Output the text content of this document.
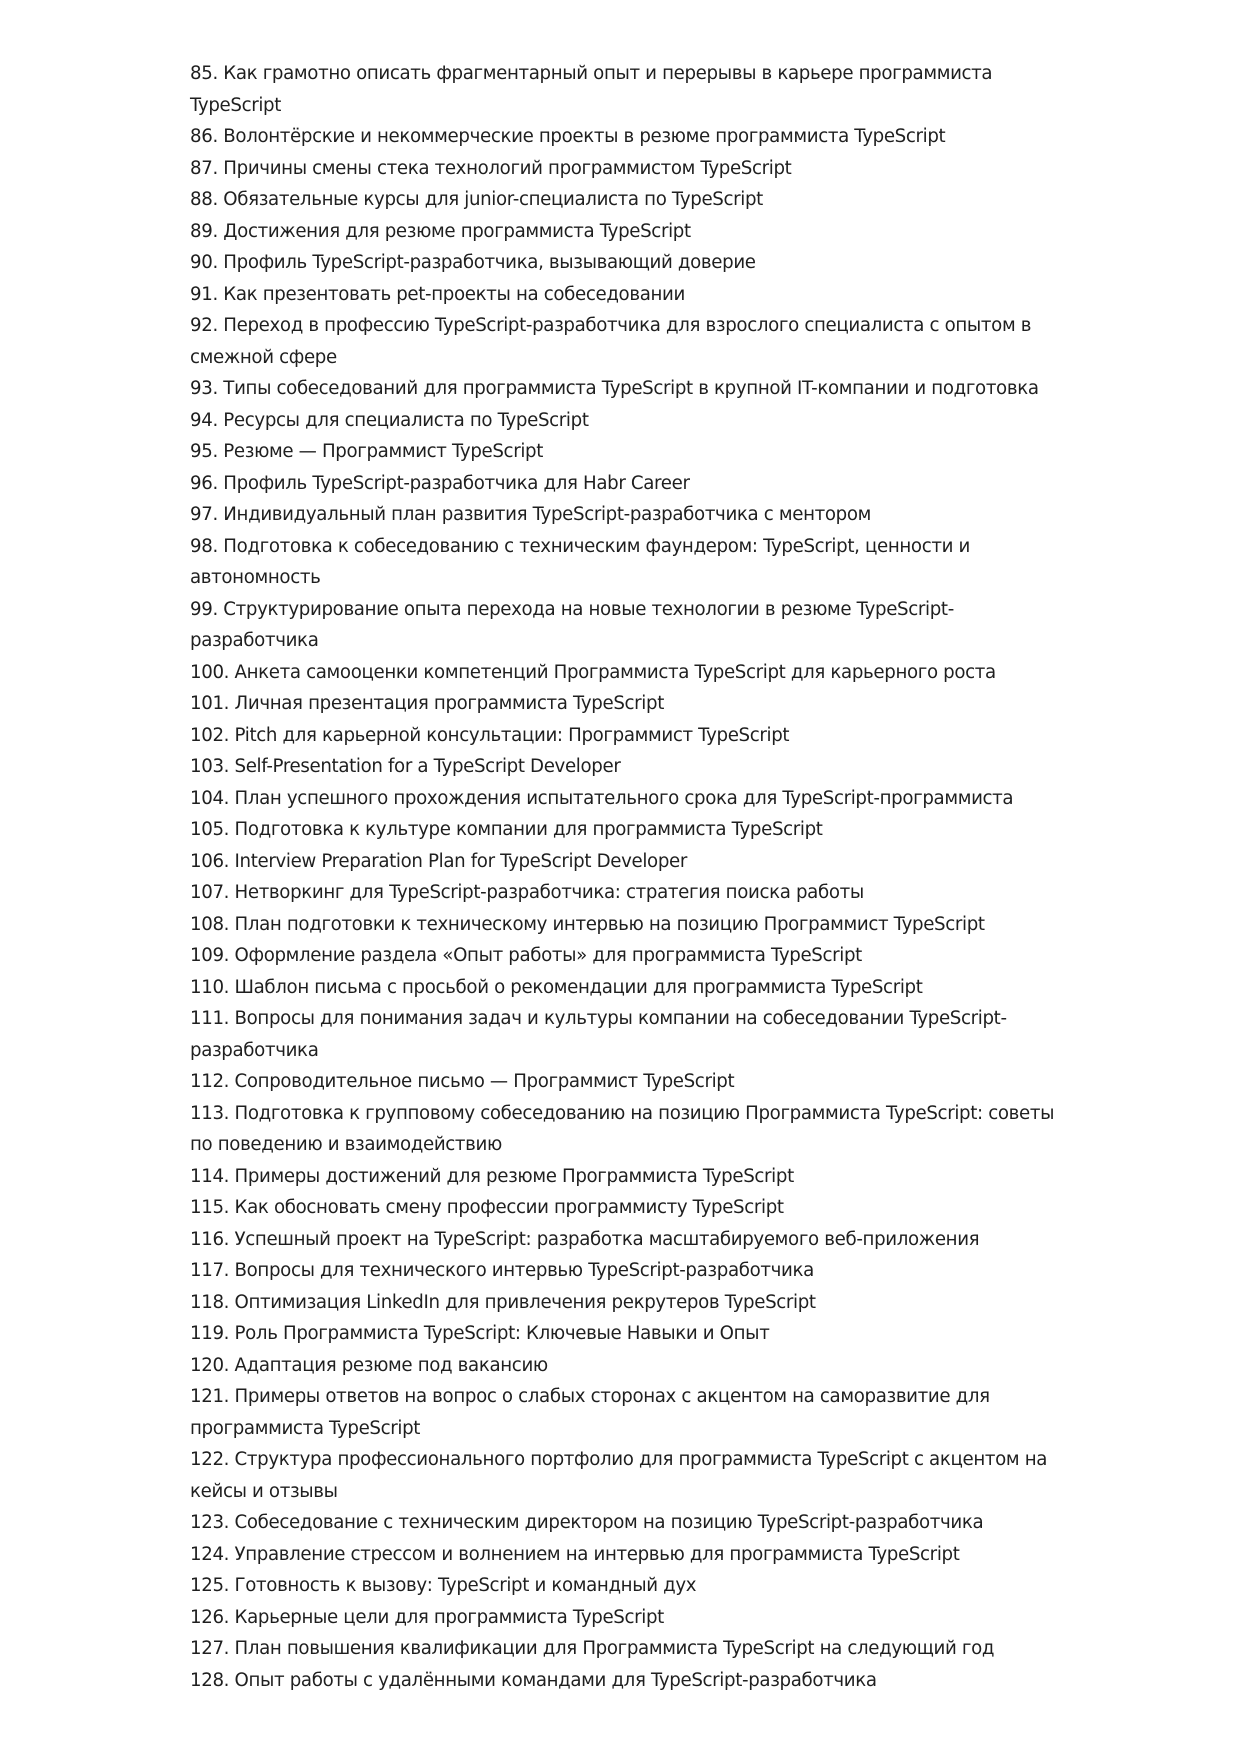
85. Как грамотно описать фрагментарный опыт и перерывы в карьере программиста TypeScript
86. Волонтёрские и некоммерческие проекты в резюме программиста TypeScript
87. Причины смены стека технологий программистом TypeScript
88. Обязательные курсы для junior-специалиста по TypeScript
89. Достижения для резюме программиста TypeScript
90. Профиль TypeScript-разработчика, вызывающий доверие
91. Как презентовать pet-проекты на собеседовании
92. Переход в профессию TypeScript-разработчика для взрослого специалиста с опытом в смежной сфере
93. Типы собеседований для программиста TypeScript в крупной IT-компании и подготовка
94. Ресурсы для специалиста по TypeScript
95. Резюме — Программист TypeScript
96. Профиль TypeScript-разработчика для Habr Career
97. Индивидуальный план развития TypeScript-разработчика с ментором
98. Подготовка к собеседованию с техническим фаундером: TypeScript, ценности и автономность
99. Структурирование опыта перехода на новые технологии в резюме TypeScript-разработчика
100. Анкета самооценки компетенций Программиста TypeScript для карьерного роста
101. Личная презентация программиста TypeScript
102. Pitch для карьерной консультации: Программист TypeScript
103. Self-Presentation for a TypeScript Developer
104. План успешного прохождения испытательного срока для TypeScript-программиста
105. Подготовка к культуре компании для программиста TypeScript
106. Interview Preparation Plan for TypeScript Developer
107. Нетворкинг для TypeScript-разработчика: стратегия поиска работы
108. План подготовки к техническому интервью на позицию Программист TypeScript
109. Оформление раздела «Опыт работы» для программиста TypeScript
110. Шаблон письма с просьбой о рекомендации для программиста TypeScript
111. Вопросы для понимания задач и культуры компании на собеседовании TypeScript-разработчика
112. Сопроводительное письмо — Программист TypeScript
113. Подготовка к групповому собеседованию на позицию Программиста TypeScript: советы по поведению и взаимодействию
114. Примеры достижений для резюме Программиста TypeScript
115. Как обосновать смену профессии программисту TypeScript
116. Успешный проект на TypeScript: разработка масштабируемого веб-приложения
117. Вопросы для технического интервью TypeScript-разработчика
118. Оптимизация LinkedIn для привлечения рекрутеров TypeScript
119. Роль Программиста TypeScript: Ключевые Навыки и Опыт
120. Адаптация резюме под вакансию
121. Примеры ответов на вопрос о слабых сторонах с акцентом на саморазвитие для программиста TypeScript
122. Структура профессионального портфолио для программиста TypeScript с акцентом на кейсы и отзывы
123. Собеседование с техническим директором на позицию TypeScript-разработчика
124. Управление стрессом и волнением на интервью для программиста TypeScript
125. Готовность к вызову: TypeScript и командный дух
126. Карьерные цели для программиста TypeScript
127. План повышения квалификации для Программиста TypeScript на следующий год
128. Опыт работы с удалёнными командами для TypeScript-разработчика
